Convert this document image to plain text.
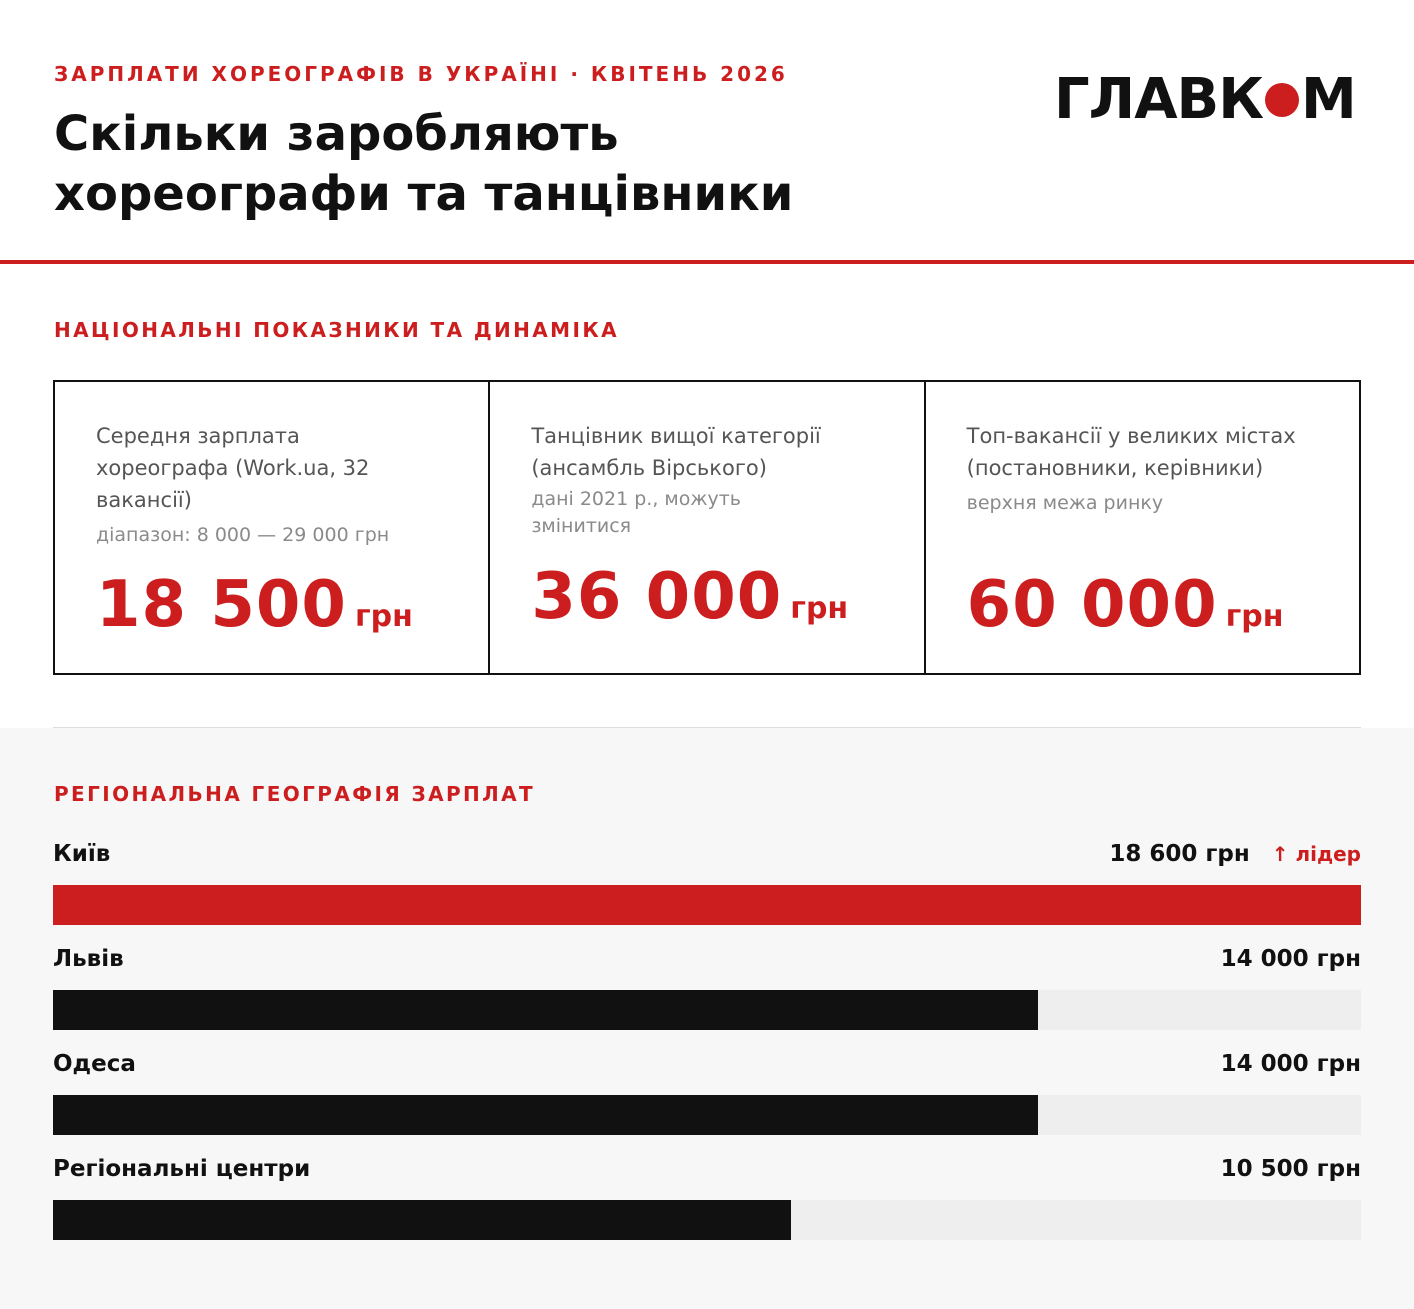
ЗАРПЛАТИ ХОРЕОГРАФІВ В УКРАЇНІ · КВІТЕНЬ 2026
Скільки заробляють хореографи та танцівники
ГЛАВК М
НАЦІОНАЛЬНІ ПОКАЗНИКИ ТА ДИНАМІКА
Середня зарплата хореографа (Work.ua, 32 вакансії)
діапазон: 8 000 — 29 000 грн
18 500 грн
Танцівник вищої категорії (ансамбль Вірського)
дані 2021 р., можуть змінитися
36 000 грн
Топ-вакансії у великих містах (постановники, керівники)
верхня межа ринку
60 000 грн
РЕГІОНАЛЬНА ГЕОГРАФІЯ ЗАРПЛАТ
Київ	18 600 грн ↑ лідер
Львів	14 000 грн
Одеса	14 000 грн
Регіональні центри	10 500 грн
